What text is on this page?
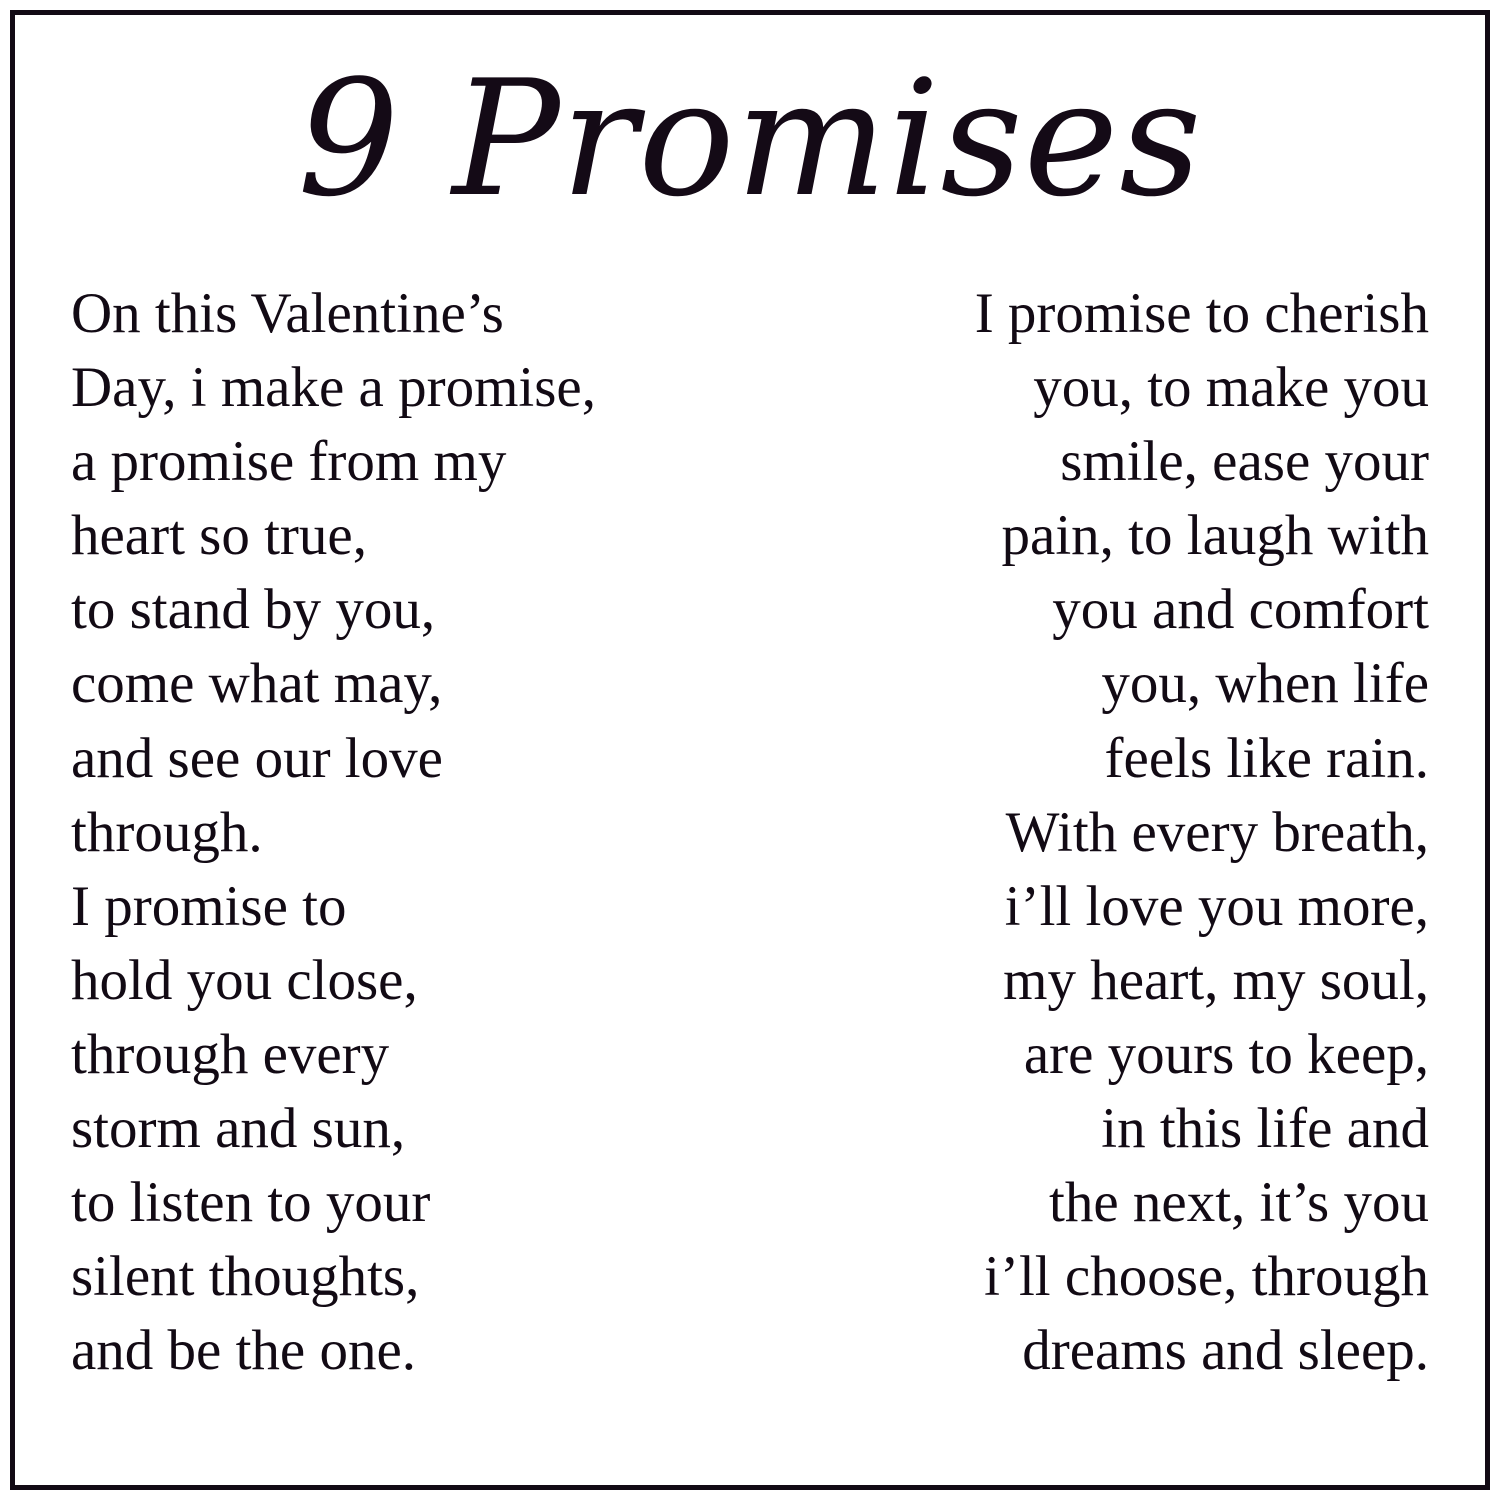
9 Promises
On this Valentine’s
Day, i make a promise,
a promise from my
heart so true,
to stand by you,
come what may,
and see our love
through.
I promise to
hold you close,
through every
storm and sun,
to listen to your
silent thoughts,
and be the one.
I promise to cherish
you, to make you
smile, ease your
pain, to laugh with
you and comfort
you, when life
feels like rain.
With every breath,
i’ll love you more,
my heart, my soul,
are yours to keep,
in this life and
the next, it’s you
i’ll choose, through
dreams and sleep.
